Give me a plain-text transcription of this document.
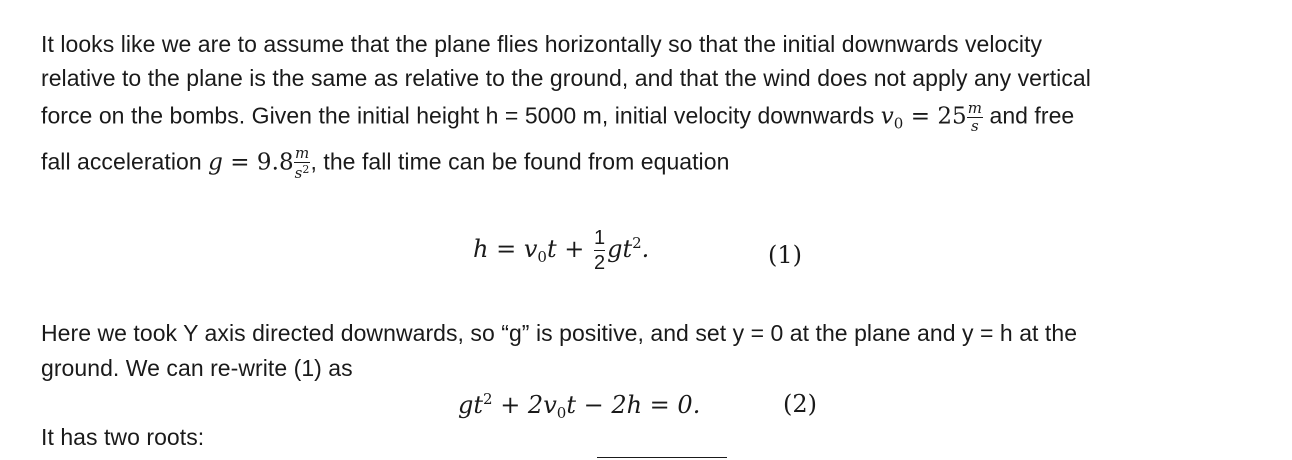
It looks like we are to assume that the plane flies horizontally so that the initial downwards velocity
relative to the plane is the same as relative to the ground, and that the wind does not apply any vertical
force on the bombs. Given the initial height h = 5000 m, initial velocity downwards $v_0 = 25 \frac{m}{s}$ and free
fall acceleration $g = 9.8 \frac{m}{s^2}$ , the fall time can be found from equation
$h = v_0t + \frac{1}{2} gt^2$.	(1)
Here we took Y axis directed downwards, so “g” is positive, and set y = 0 at the plane and y = h at the
ground. We can re-write (1) as
$gt^2 + 2v_0t - 2h = 0$.	(2)
It has two roots:
